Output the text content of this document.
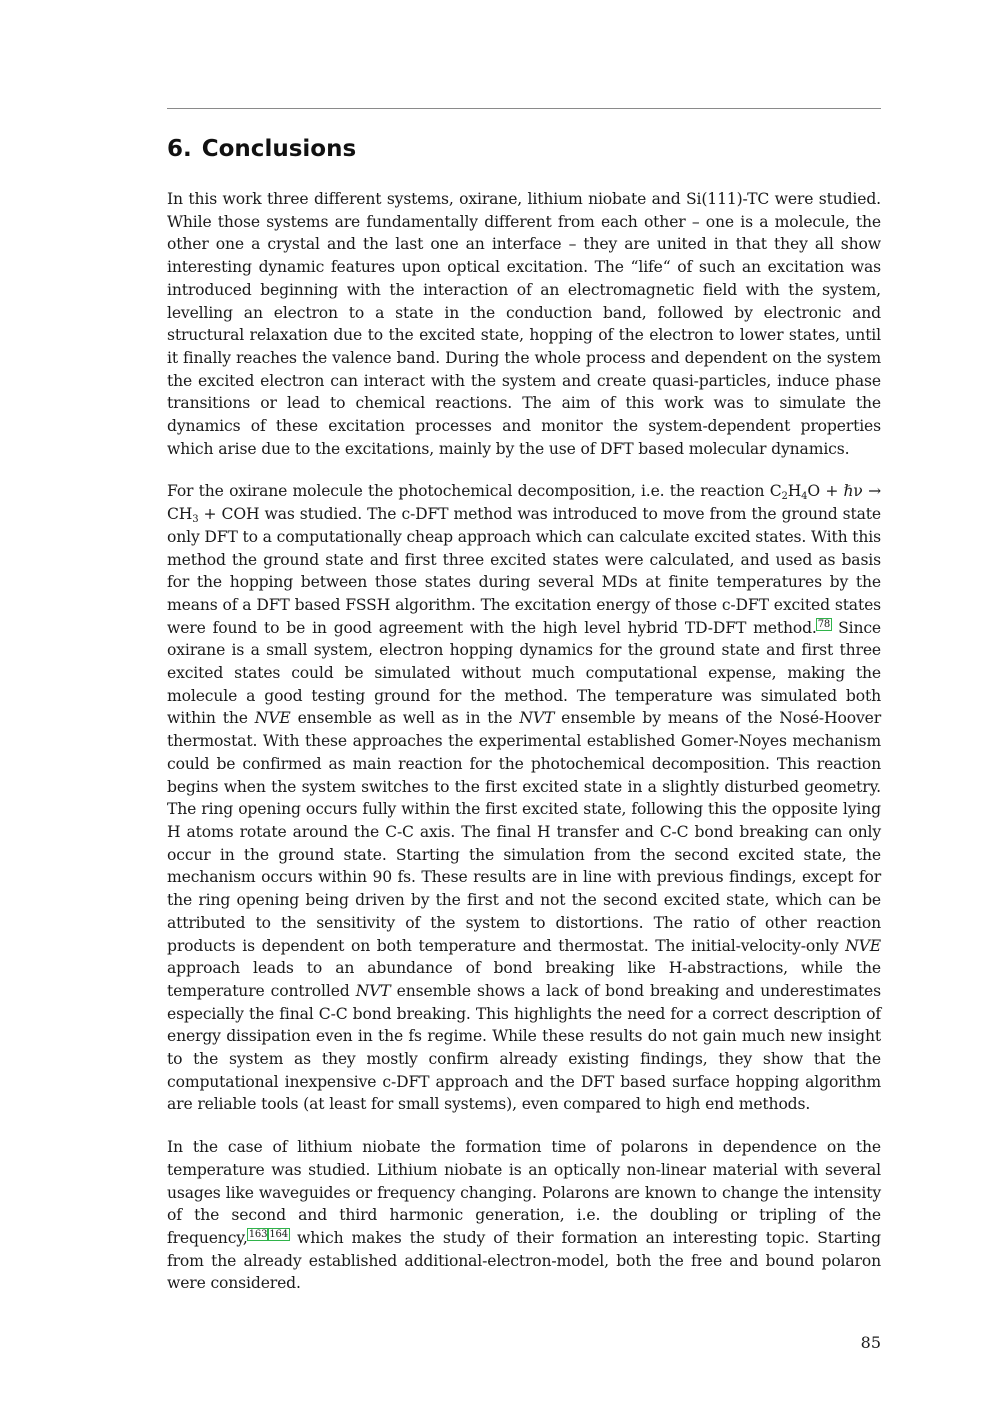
6. Conclusions

In this work three different systems, oxirane, lithium niobate and Si(111)-TC were studied. While those systems are fundamentally different from each other – one is a molecule, the other one a crystal and the last one an interface – they are united in that they all show interesting dynamic features upon optical excitation. The “life“ of such an excitation was introduced beginning with the interaction of an electromagnetic field with the system, levelling an electron to a state in the conduction band, followed by electronic and structural relaxation due to the excited state, hopping of the electron to lower states, until it finally reaches the valence band. During the whole process and dependent on the system the excited electron can interact with the system and create quasi-particles, induce phase transitions or lead to chemical reactions. The aim of this work was to simulate the dynamics of these excitation processes and monitor the system-dependent properties which arise due to the excitations, mainly by the use of DFT based molecular dynamics.

For the oxirane molecule the photochemical decomposition, i.e. the reaction $C_2H_4O$ + ℏν → $CH_3$ + COH was studied. The c-DFT method was introduced to move from the ground state only DFT to a computationally cheap approach which can calculate excited states. With this method the ground state and first three excited states were calculated, and used as basis for the hopping between those states during several MDs at finite temperatures by the means of a DFT based FSSH algorithm. The excitation energy of those c-DFT excited states were found to be in good agreement with the high level hybrid TD-DFT method.$^{78}$ Since oxirane is a small system, electron hopping dynamics for the ground state and first three excited states could be simulated without much computational expense, making the molecule a good testing ground for the method. The temperature was simulated both within the NVE ensemble as well as in the NVT ensemble by means of the Nosé-Hoover thermostat. With these approaches the experimental established Gomer-Noyes mechanism could be confirmed as main reaction for the photochemical decomposition. This reaction begins when the system switches to the first excited state in a slightly disturbed geometry. The ring opening occurs fully within the first excited state, following this the opposite lying H atoms rotate around the C-C axis. The final H transfer and C-C bond breaking can only occur in the ground state. Starting the simulation from the second excited state, the mechanism occurs within 90 fs. These results are in line with previous findings, except for the ring opening being driven by the first and not the second excited state, which can be attributed to the sensitivity of the system to distortions. The ratio of other reaction products is dependent on both temperature and thermostat. The initial-velocity-only NVE approach leads to an abundance of bond breaking like H-abstractions, while the temperature controlled NVT ensemble shows a lack of bond breaking and underestimates especially the final C-C bond breaking. This highlights the need for a correct description of energy dissipation even in the fs regime. While these results do not gain much new insight to the system as they mostly confirm already existing findings, they show that the computational inexpensive c-DFT approach and the DFT based surface hopping algorithm are reliable tools (at least for small systems), even compared to high end methods.

In the case of lithium niobate the formation time of polarons in dependence on the temperature was studied. Lithium niobate is an optically non-linear material with several usages like waveguides or frequency changing. Polarons are known to change the intensity of the second and third harmonic generation, i.e. the doubling or tripling of the frequency,$^{163}$ $^{164}$ which makes the study of their formation an interesting topic. Starting from the already established additional-electron-model, both the free and bound polaron were considered.

85
